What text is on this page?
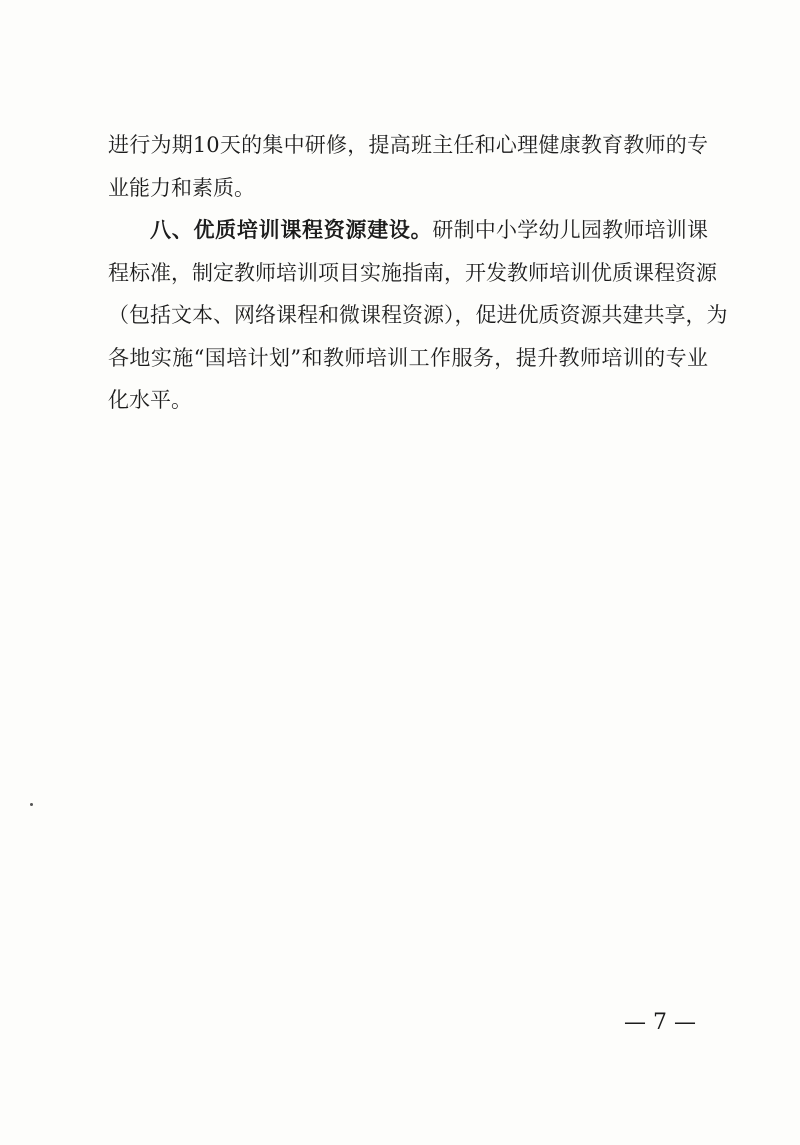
进行为期10天的集中研修，提高班主任和心理健康教育教师的专
业能力和素质。
八、优质培训课程资源建设。研制中小学幼儿园教师培训课
程标准，制定教师培训项目实施指南，开发教师培训优质课程资源
（包括文本、网络课程和微课程资源），促进优质资源共建共享，为
各地实施“国培计划”和教师培训工作服务，提升教师培训的专业
化水平。
— 7 —
